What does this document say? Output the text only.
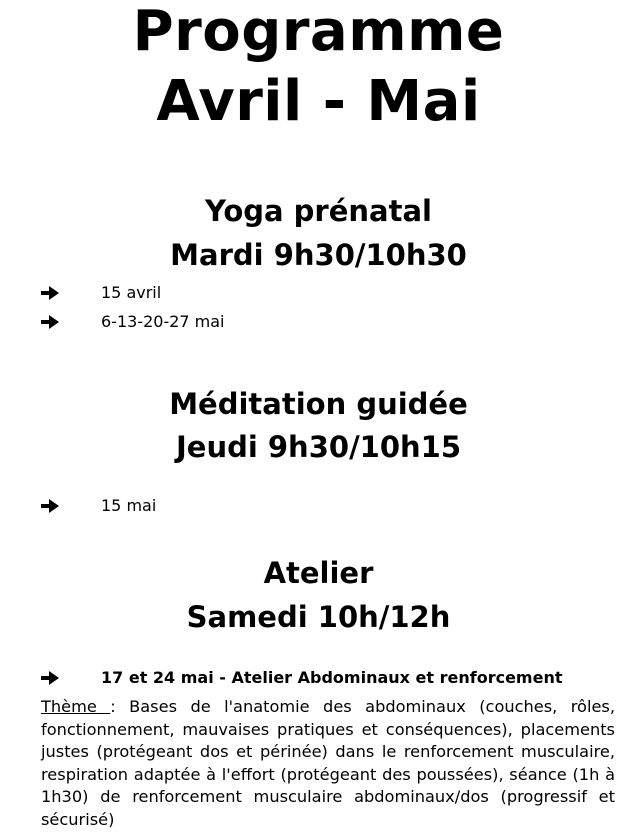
Programme
Avril - Mai
Yoga prénatal
Mardi 9h30/10h30
15 avril
6-13-20-27 mai
Méditation guidée
Jeudi 9h30/10h15
15 mai
Atelier
Samedi 10h/12h
17 et 24 mai - Atelier Abdominaux et renforcement
Thème : Bases de l'anatomie des abdominaux (couches, rôles, fonctionnement, mauvaises pratiques et conséquences), placements justes (protégeant dos et périnée) dans le renforcement musculaire, respiration adaptée à l'effort (protégeant des poussées), séance (1h à 1h30) de renforcement musculaire abdominaux/dos (progressif et sécurisé)
